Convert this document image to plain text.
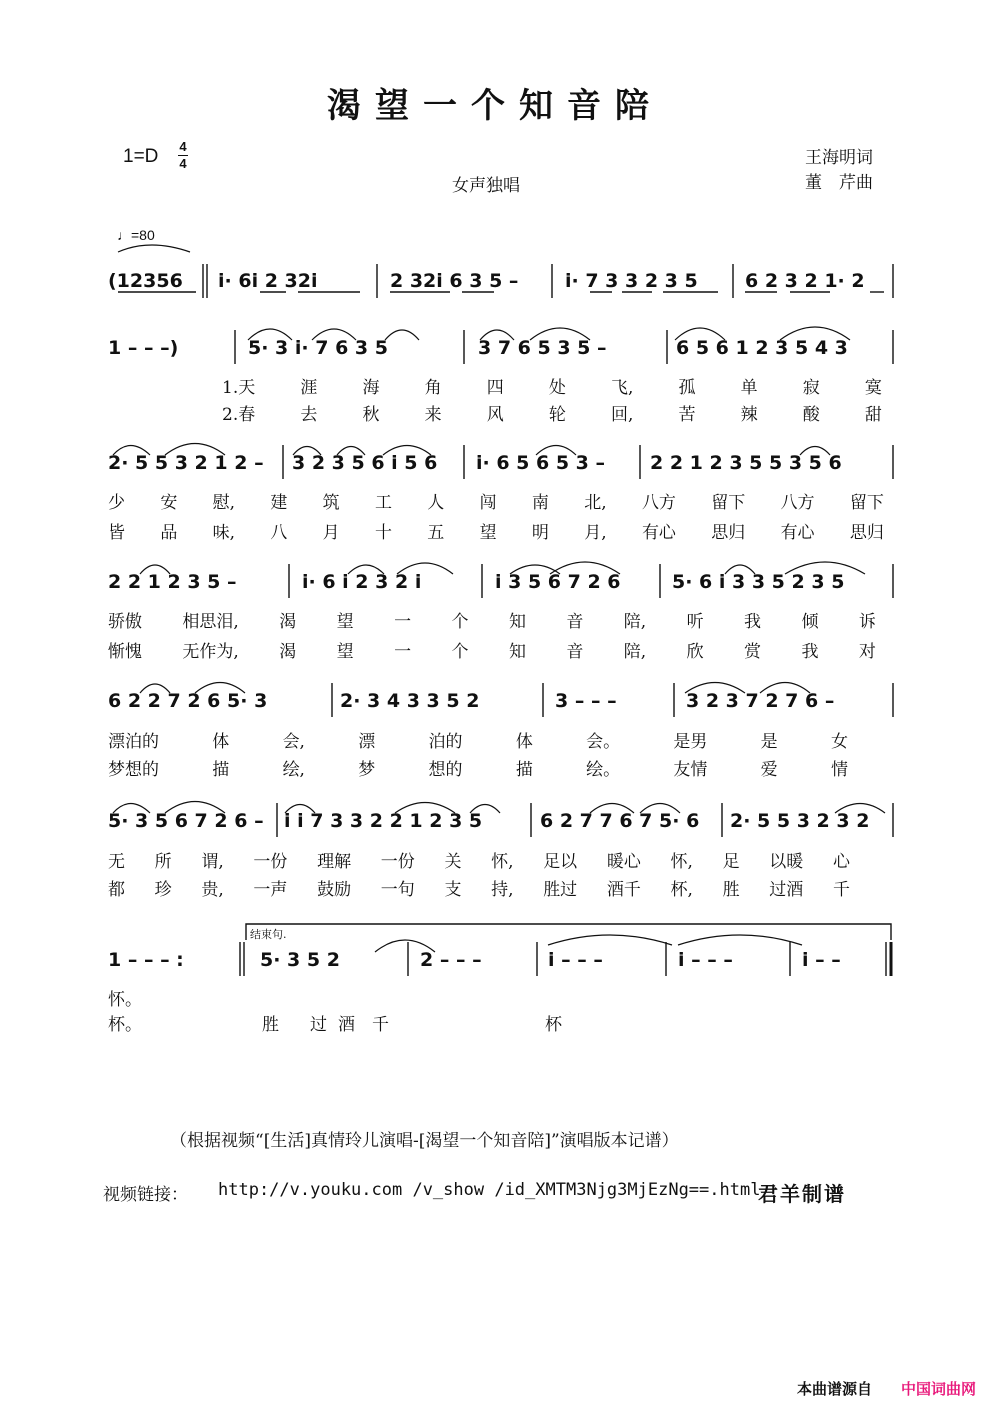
渴望一个知音陪
1=D 4
4
女声独唱
王海明词
董　芹曲
♩=80
(12356 i· 6i 2 32i	2 32i 6 3 5 – i· 7 3 3 2 3 5 6 2 3 2 1· 2
1 – – –)	5· 3 i· 7 6 3 5	3 7 6 5 3 5 –	6 5 6 1 2 3 5 4 3
1.天	涯	海	角	四	处	飞,	孤	单	寂	寞
2.春	去	秋	来	风	轮	回,	苦	辣	酸	甜
2· 5 5 3 2 1 2 – 3 2 3 5 6 i 5 6 i· 6 5 6 5 3 – 2 2 1 2 3 5 5 3 5 6
少 安 慰, 建 筑 工 人 闯 南 北, 八方 留下 八方 留下
皆 品 味, 八 月 十 五 望 明 月, 有心 思归 有心 思归
2 2 1 2 3 5 –	i· 6 i 2 3 2 i	i 3 5 6 7 2 6	5· 6 i 3 3 5 2 3 5
骄傲 相思泪, 渴 望 一 个 知 音 陪, 听 我 倾 诉
惭愧 无作为, 渴 望 一 个 知 音 陪, 欣 赏 我 对
6 2 2 7 2 6 5· 3	2· 3 4 3 3 5 2	3 – – –	3 2 3 7 2 7 6 –
漂泊的	体	会,	漂	泊的	体	会。	是男	是	女
梦想的	描	绘,	梦	想的	描	绘。	友情	爱	情
5· 3 5 6 7 2 6 – i i 7 3 3 2 2 1 2 3 5	6 2 7 7 6 7 5· 6 2· 5 5 3 2 3 2
无 所 谓, 一份 理解 一份 关 怀, 足以 暖心 怀, 足 以暖 心
都 珍 贵, 一声 鼓励 一句 支 持, 胜过 酒千 杯, 胜 过酒 千
结束句.
1 – – – :	5· 3 5 2	2 – – –	i – – –	i – – –	i – –
怀。
杯。	胜 过 酒 千	杯
（根据视频“[生活]真情玲儿演唱-[渴望一个知音陪]”演唱版本记谱）
视频链接： http://v.youku.com /v_show /id_XMTM3Njg3MjEzNg==.html
君羊制谱
本曲谱源自 中国词曲网
